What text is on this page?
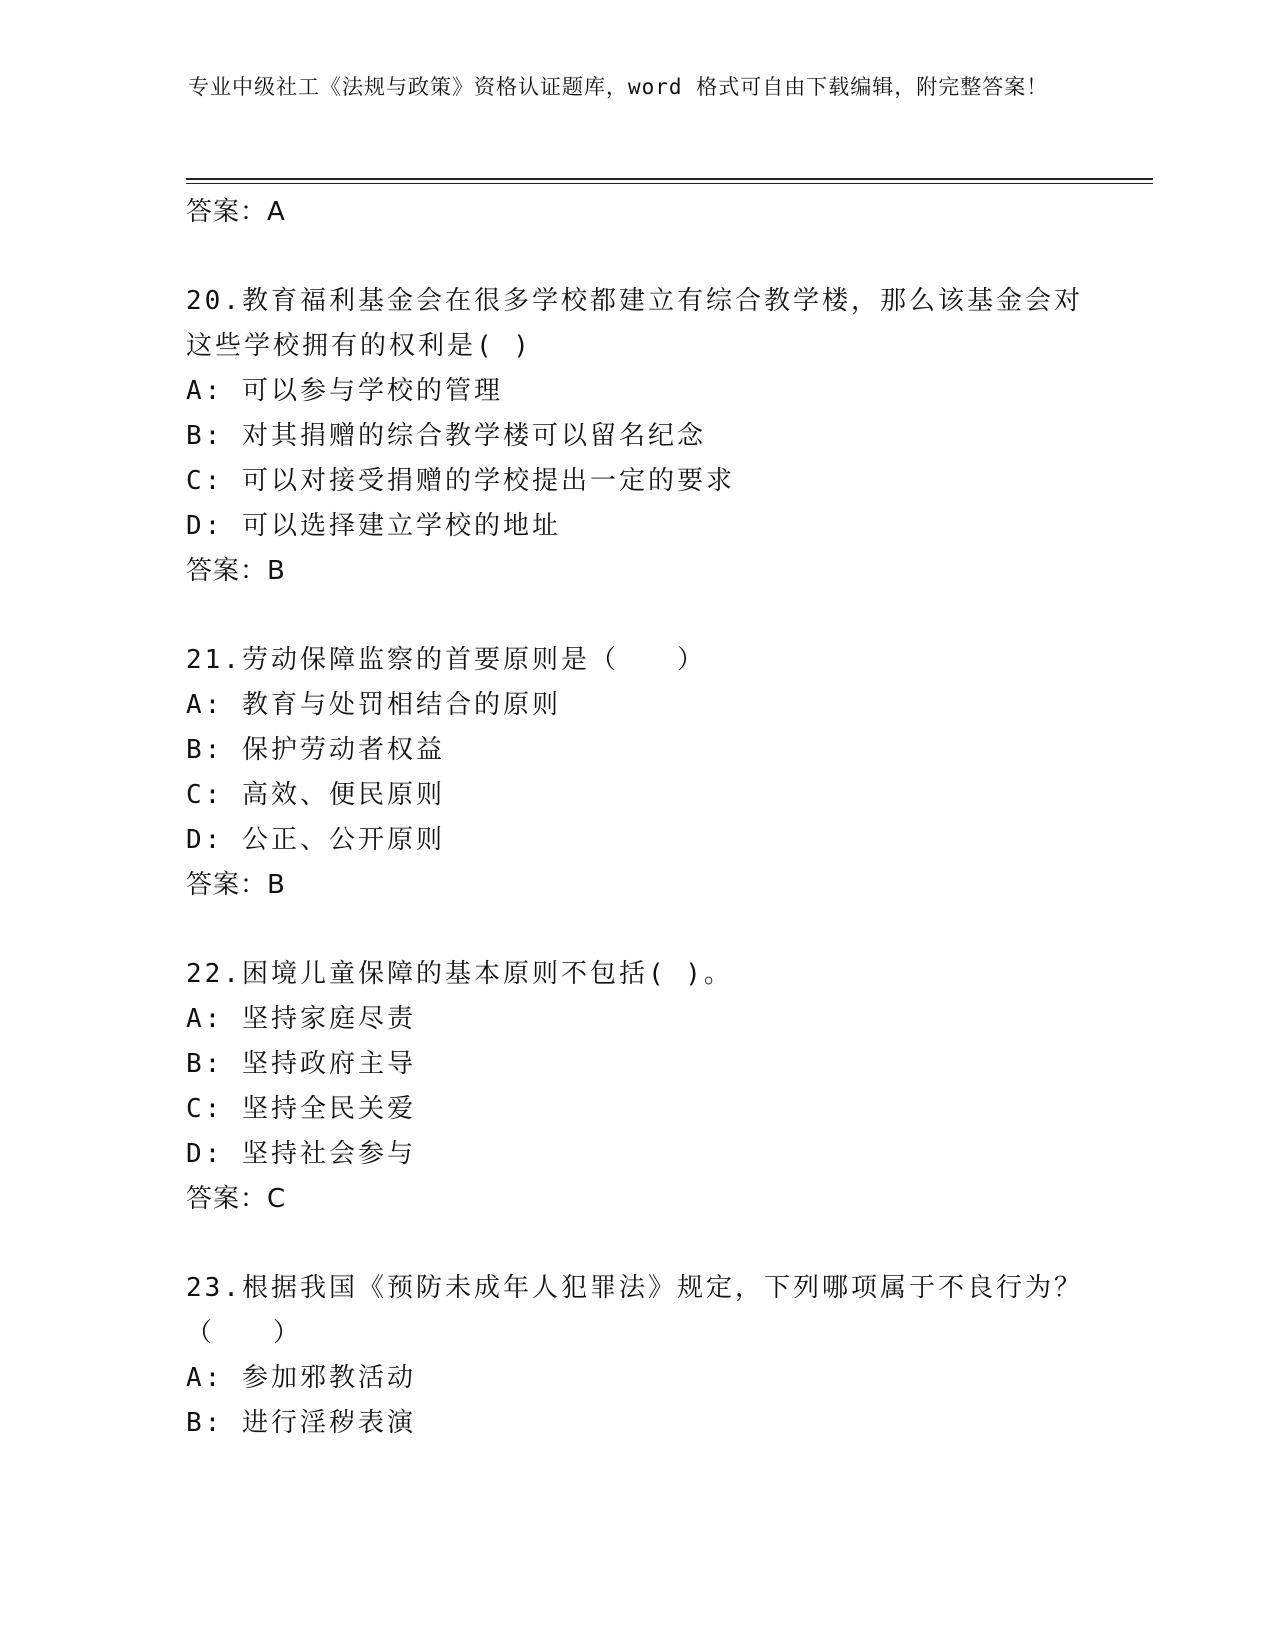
专业中级社工《法规与政策》资格认证题库，word 格式可自由下载编辑，附完整答案！
答案：A
20.教育福利基金会在很多学校都建立有综合教学楼，那么该基金会对
这些学校拥有的权利是( )
A: 可以参与学校的管理
B: 对其捐赠的综合教学楼可以留名纪念
C: 可以对接受捐赠的学校提出一定的要求
D: 可以选择建立学校的地址
答案：B
21.劳动保障监察的首要原则是（　　）
A: 教育与处罚相结合的原则
B: 保护劳动者权益
C: 高效、便民原则
D: 公正、公开原则
答案：B
22.困境儿童保障的基本原则不包括( )。
A: 坚持家庭尽责
B: 坚持政府主导
C: 坚持全民关爱
D: 坚持社会参与
答案：C
23.根据我国《预防未成年人犯罪法》规定，下列哪项属于不良行为？
（　　）
A: 参加邪教活动
B: 进行淫秽表演
